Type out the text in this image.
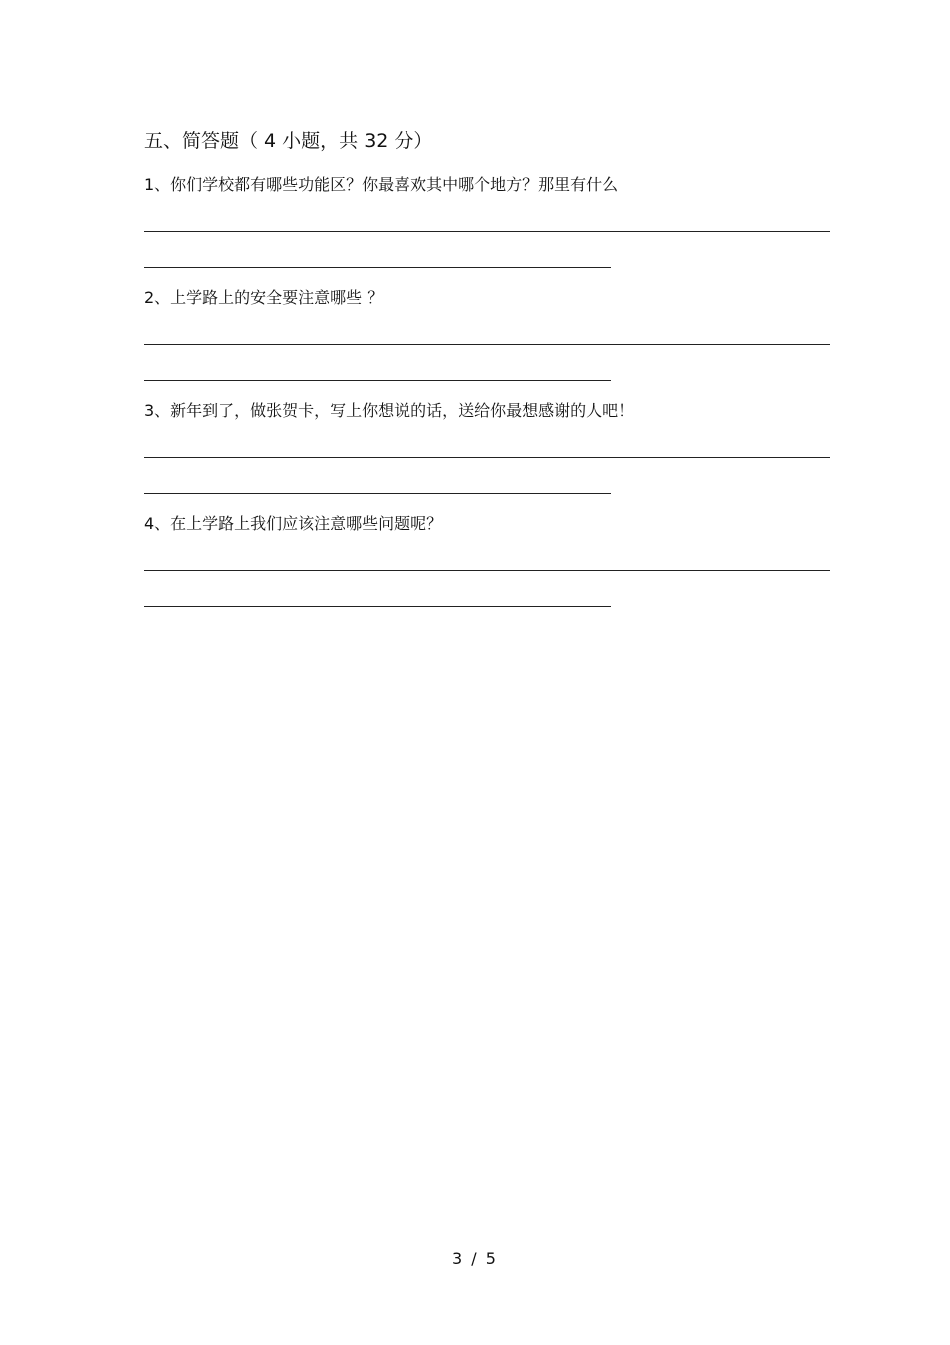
五、简答题（ 4 小题，共 32 分）
1、你们学校都有哪些功能区？你最喜欢其中哪个地方？那里有什么
2、上学路上的安全要注意哪些 ？
3、新年到了，做张贺卡，写上你想说的话，送给你最想感谢的人吧！
4、在上学路上我们应该注意哪些问题呢？
3 / 5
